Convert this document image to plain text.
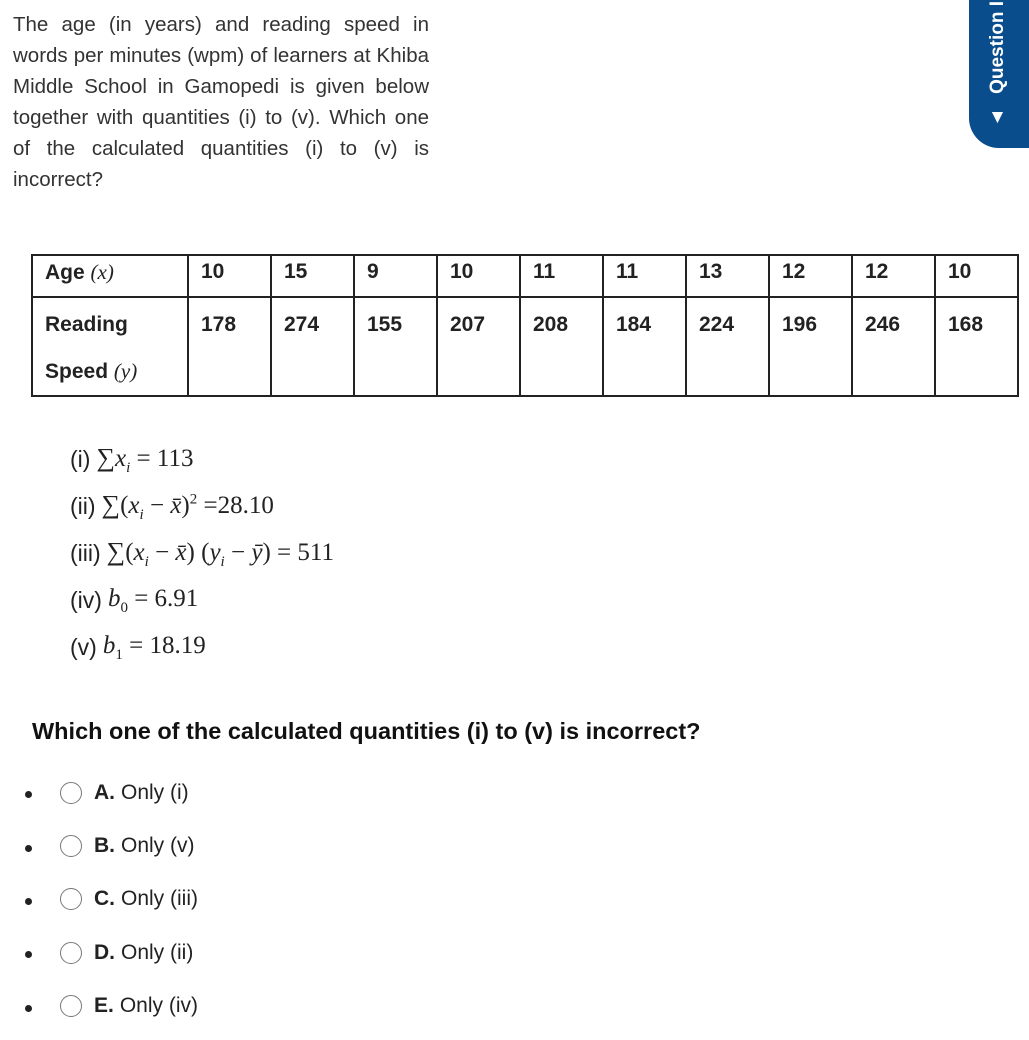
The age (in years) and reading speed in words per minutes (wpm) of learners at Khiba Middle School in Gamopedi is given below together with quantities (i) to (v). Which one of the calculated quantities (i) to (v) is incorrect?
▲ Question I
Age (x)	10	15	9	10	11	11	13	12	12	10
Reading
Speed (y)	178	274	155	207	208	184	224	196	246	168
(i) $\sum x_i = 113$
(ii) $\sum(x_i$ − x̄)$^2$ =28.10
(iii) $\sum(x_i$ − x̄) ($y_i$ − ȳ) = 511
(iv) $b_0 = 6.91$
(v) $b_1 = 18.19$
Which one of the calculated quantities (i) to (v) is incorrect?
A. Only (i)
B. Only (v)
C. Only (iii)
D. Only (ii)
E. Only (iv)
